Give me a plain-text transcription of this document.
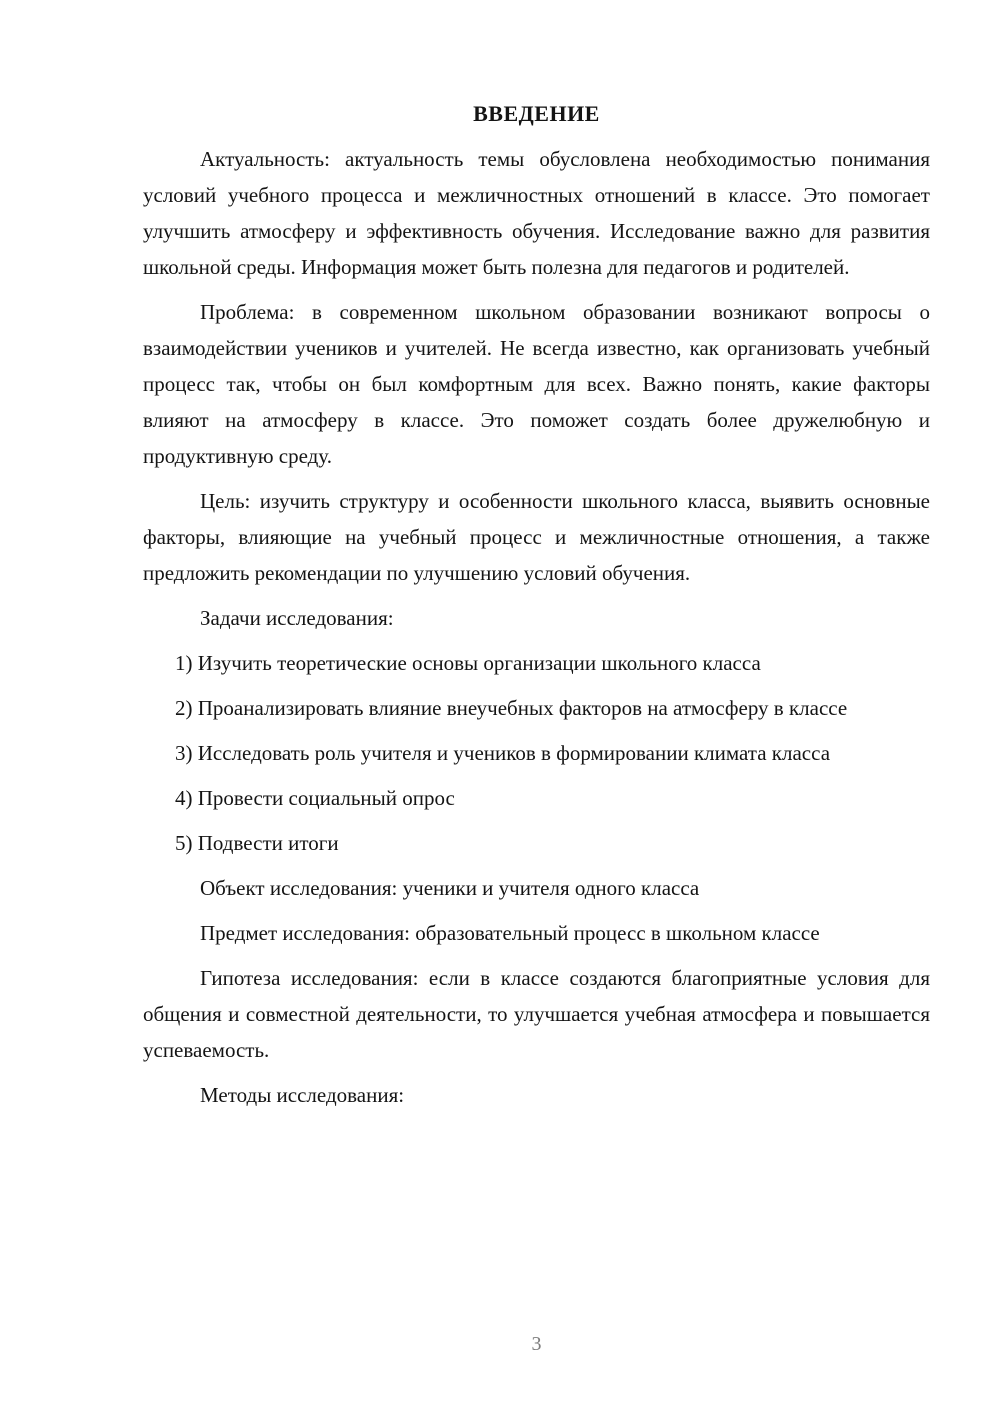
ВВЕДЕНИЕ

Актуальность: актуальность темы обусловлена необходимостью понимания условий учебного процесса и межличностных отношений в классе. Это помогает улучшить атмосферу и эффективность обучения. Исследование важно для развития школьной среды. Информация может быть полезна для педагогов и родителей.

Проблема: в современном школьном образовании возникают вопросы о взаимодействии учеников и учителей. Не всегда известно, как организовать учебный процесс так, чтобы он был комфортным для всех. Важно понять, какие факторы влияют на атмосферу в классе. Это поможет создать более дружелюбную и продуктивную среду.

Цель: изучить структуру и особенности школьного класса, выявить основные факторы, влияющие на учебный процесс и межличностные отношения, а также предложить рекомендации по улучшению условий обучения.

Задачи исследования:

1) Изучить теоретические основы организации школьного класса

2) Проанализировать влияние внеучебных факторов на атмосферу в классе

3) Исследовать роль учителя и учеников в формировании климата класса

4) Провести социальный опрос

5) Подвести итоги

Объект исследования: ученики и учителя одного класса

Предмет исследования: образовательный процесс в школьном классе

Гипотеза исследования: если в классе создаются благоприятные условия для общения и совместной деятельности, то улучшается учебная атмосфера и повышается успеваемость.

Методы исследования:

3
